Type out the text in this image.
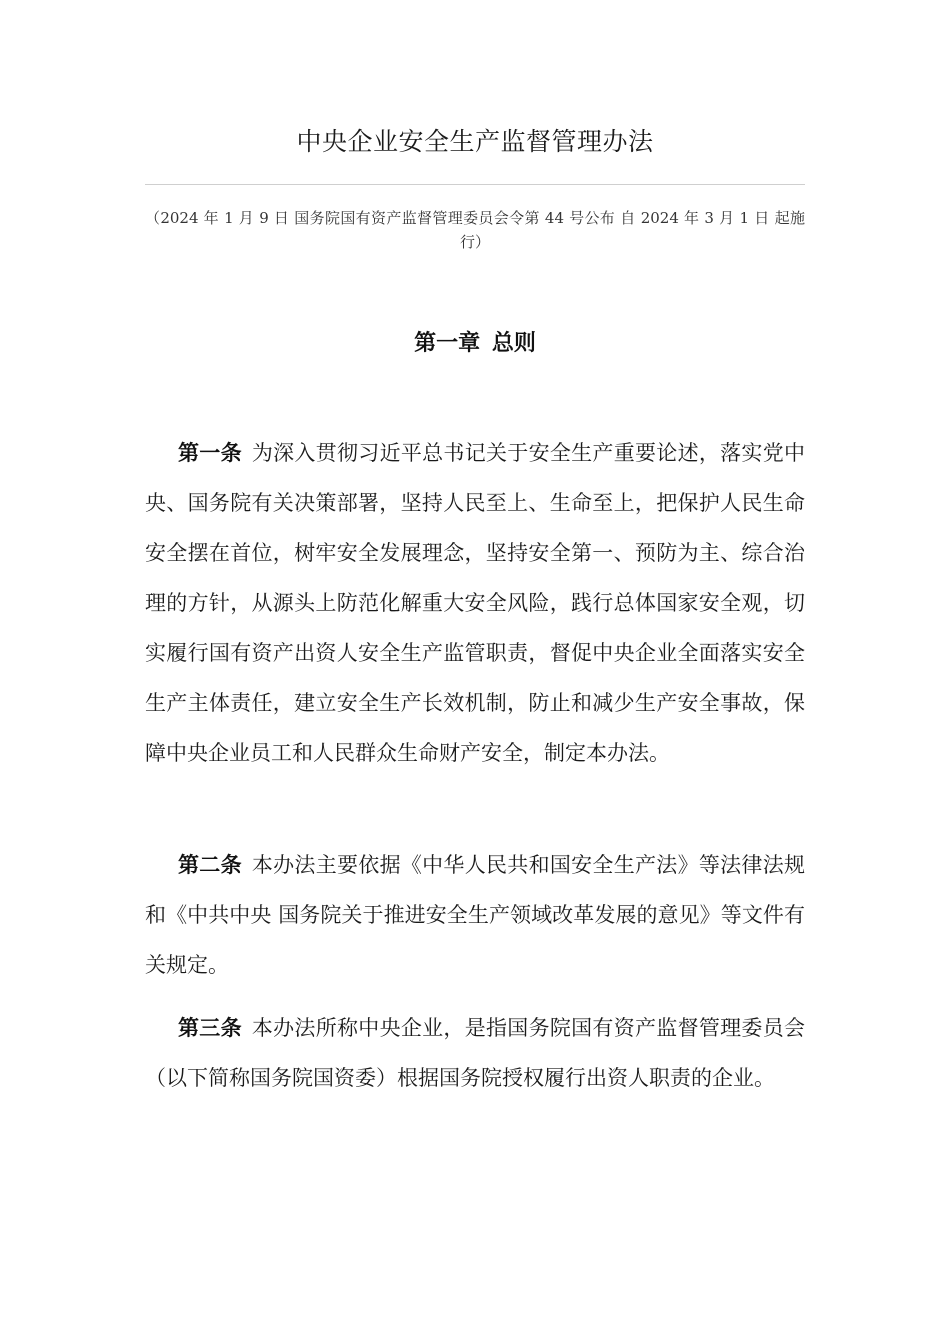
中央企业安全生产监督管理办法
（2024 年 1 月 9 日 国务院国有资产监督管理委员会令第 44 号公布 自 2024 年 3 月 1 日 起施行）
第一章 总则

第一条 为深入贯彻习近平总书记关于安全生产重要论述，落实党中央、国务院有关决策部署，坚持人民至上、生命至上，把保护人民生命安全摆在首位，树牢安全发展理念，坚持安全第一、预防为主、综合治理的方针，从源头上防范化解重大安全风险，践行总体国家安全观，切实履行国有资产出资人安全生产监管职责，督促中央企业全面落实安全生产主体责任，建立安全生产长效机制，防止和减少生产安全事故，保障中央企业员工和人民群众生命财产安全，制定本办法。

第二条 本办法主要依据《中华人民共和国安全生产法》等法律法规和《中共中央 国务院关于推进安全生产领域改革发展的意见》等文件有关规定。

第三条 本办法所称中央企业，是指国务院国有资产监督管理委员会（以下简称国务院国资委）根据国务院授权履行出资人职责的企业。
